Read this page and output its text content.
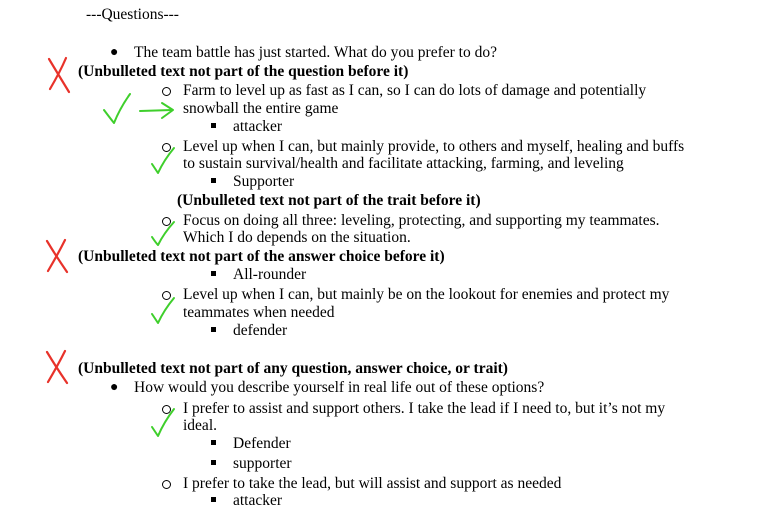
---Questions---
● The team battle has just started. What do you prefer to do?
(Unbulleted text not part of the question before it)
Farm to level up as fast as I can, so I can do lots of damage and potentially
snowball the entire game
attacker
Level up when I can, but mainly provide, to others and myself, healing and buffs
to sustain survival/health and facilitate attacking, farming, and leveling
Supporter
(Unbulleted text not part of the trait before it)
Focus on doing all three: leveling, protecting, and supporting my teammates.
Which I do depends on the situation.
(Unbulleted text not part of the answer choice before it)
All-rounder
Level up when I can, but mainly be on the lookout for enemies and protect my
teammates when needed
defender
(Unbulleted text not part of any question, answer choice, or trait)
● How would you describe yourself in real life out of these options?
I prefer to assist and support others. I take the lead if I need to, but it’s not my
ideal.
Defender
supporter
I prefer to take the lead, but will assist and support as needed
attacker
